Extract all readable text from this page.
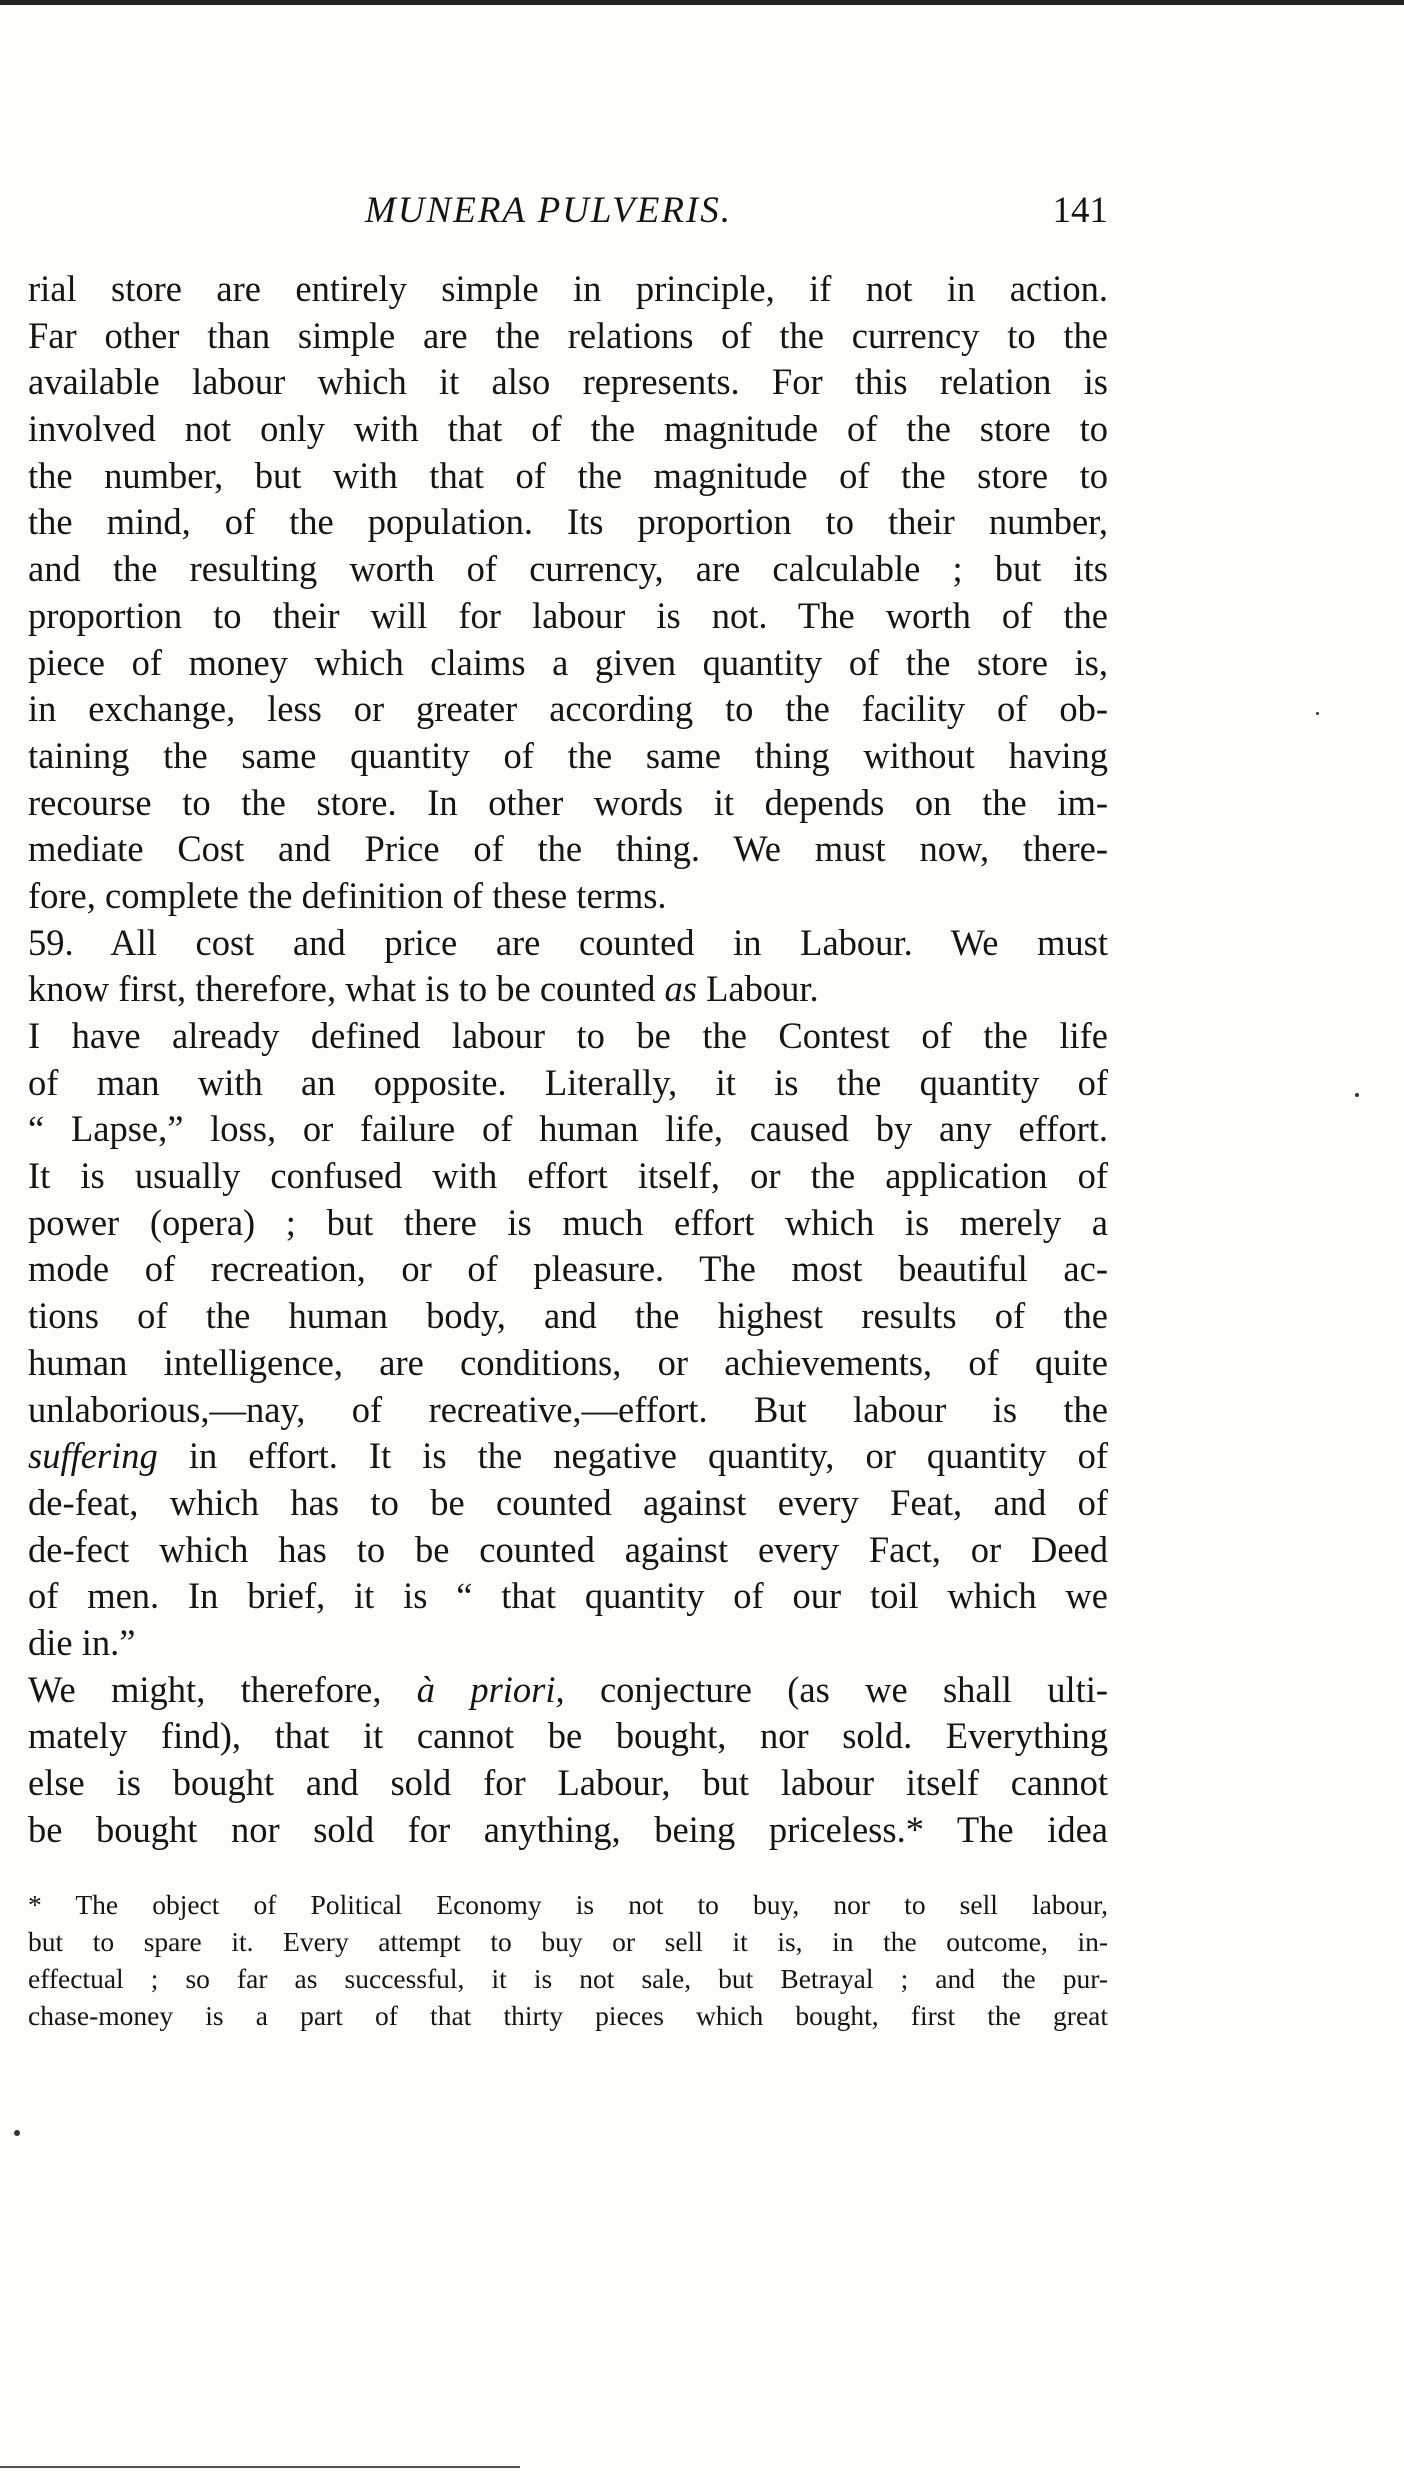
MUNERA PULVERIS.	141
rial store are entirely simple in principle, if not in action.
Far other than simple are the relations of the currency to the
available labour which it also represents. For this relation is
involved not only with that of the magnitude of the store to
the number, but with that of the magnitude of the store to
the mind, of the population. Its proportion to their number,
and the resulting worth of currency, are calculable ; but its
proportion to their will for labour is not. The worth of the
piece of money which claims a given quantity of the store is,
in exchange, less or greater according to the facility of ob-
taining the same quantity of the same thing without having
recourse to the store. In other words it depends on the im-
mediate Cost and Price of the thing. We must now, there-
fore, complete the definition of these terms.
59. All cost and price are counted in Labour. We must
know first, therefore, what is to be counted as Labour.
I have already defined labour to be the Contest of the life
of man with an opposite. Literally, it is the quantity of
“ Lapse,” loss, or failure of human life, caused by any effort.
It is usually confused with effort itself, or the application of
power (opera) ; but there is much effort which is merely a
mode of recreation, or of pleasure. The most beautiful ac-
tions of the human body, and the highest results of the
human intelligence, are conditions, or achievements, of quite
unlaborious,—nay, of recreative,—effort. But labour is the
suffering in effort. It is the negative quantity, or quantity of
de-feat, which has to be counted against every Feat, and of
de-fect which has to be counted against every Fact, or Deed
of men. In brief, it is “ that quantity of our toil which we
die in.”
We might, therefore, à priori, conjecture (as we shall ulti-
mately find), that it cannot be bought, nor sold. Everything
else is bought and sold for Labour, but labour itself cannot
be bought nor sold for anything, being priceless.* The idea
* The object of Political Economy is not to buy, nor to sell labour,
but to spare it. Every attempt to buy or sell it is, in the outcome, in-
effectual ; so far as successful, it is not sale, but Betrayal ; and the pur-
chase-money is a part of that thirty pieces which bought, first the great
